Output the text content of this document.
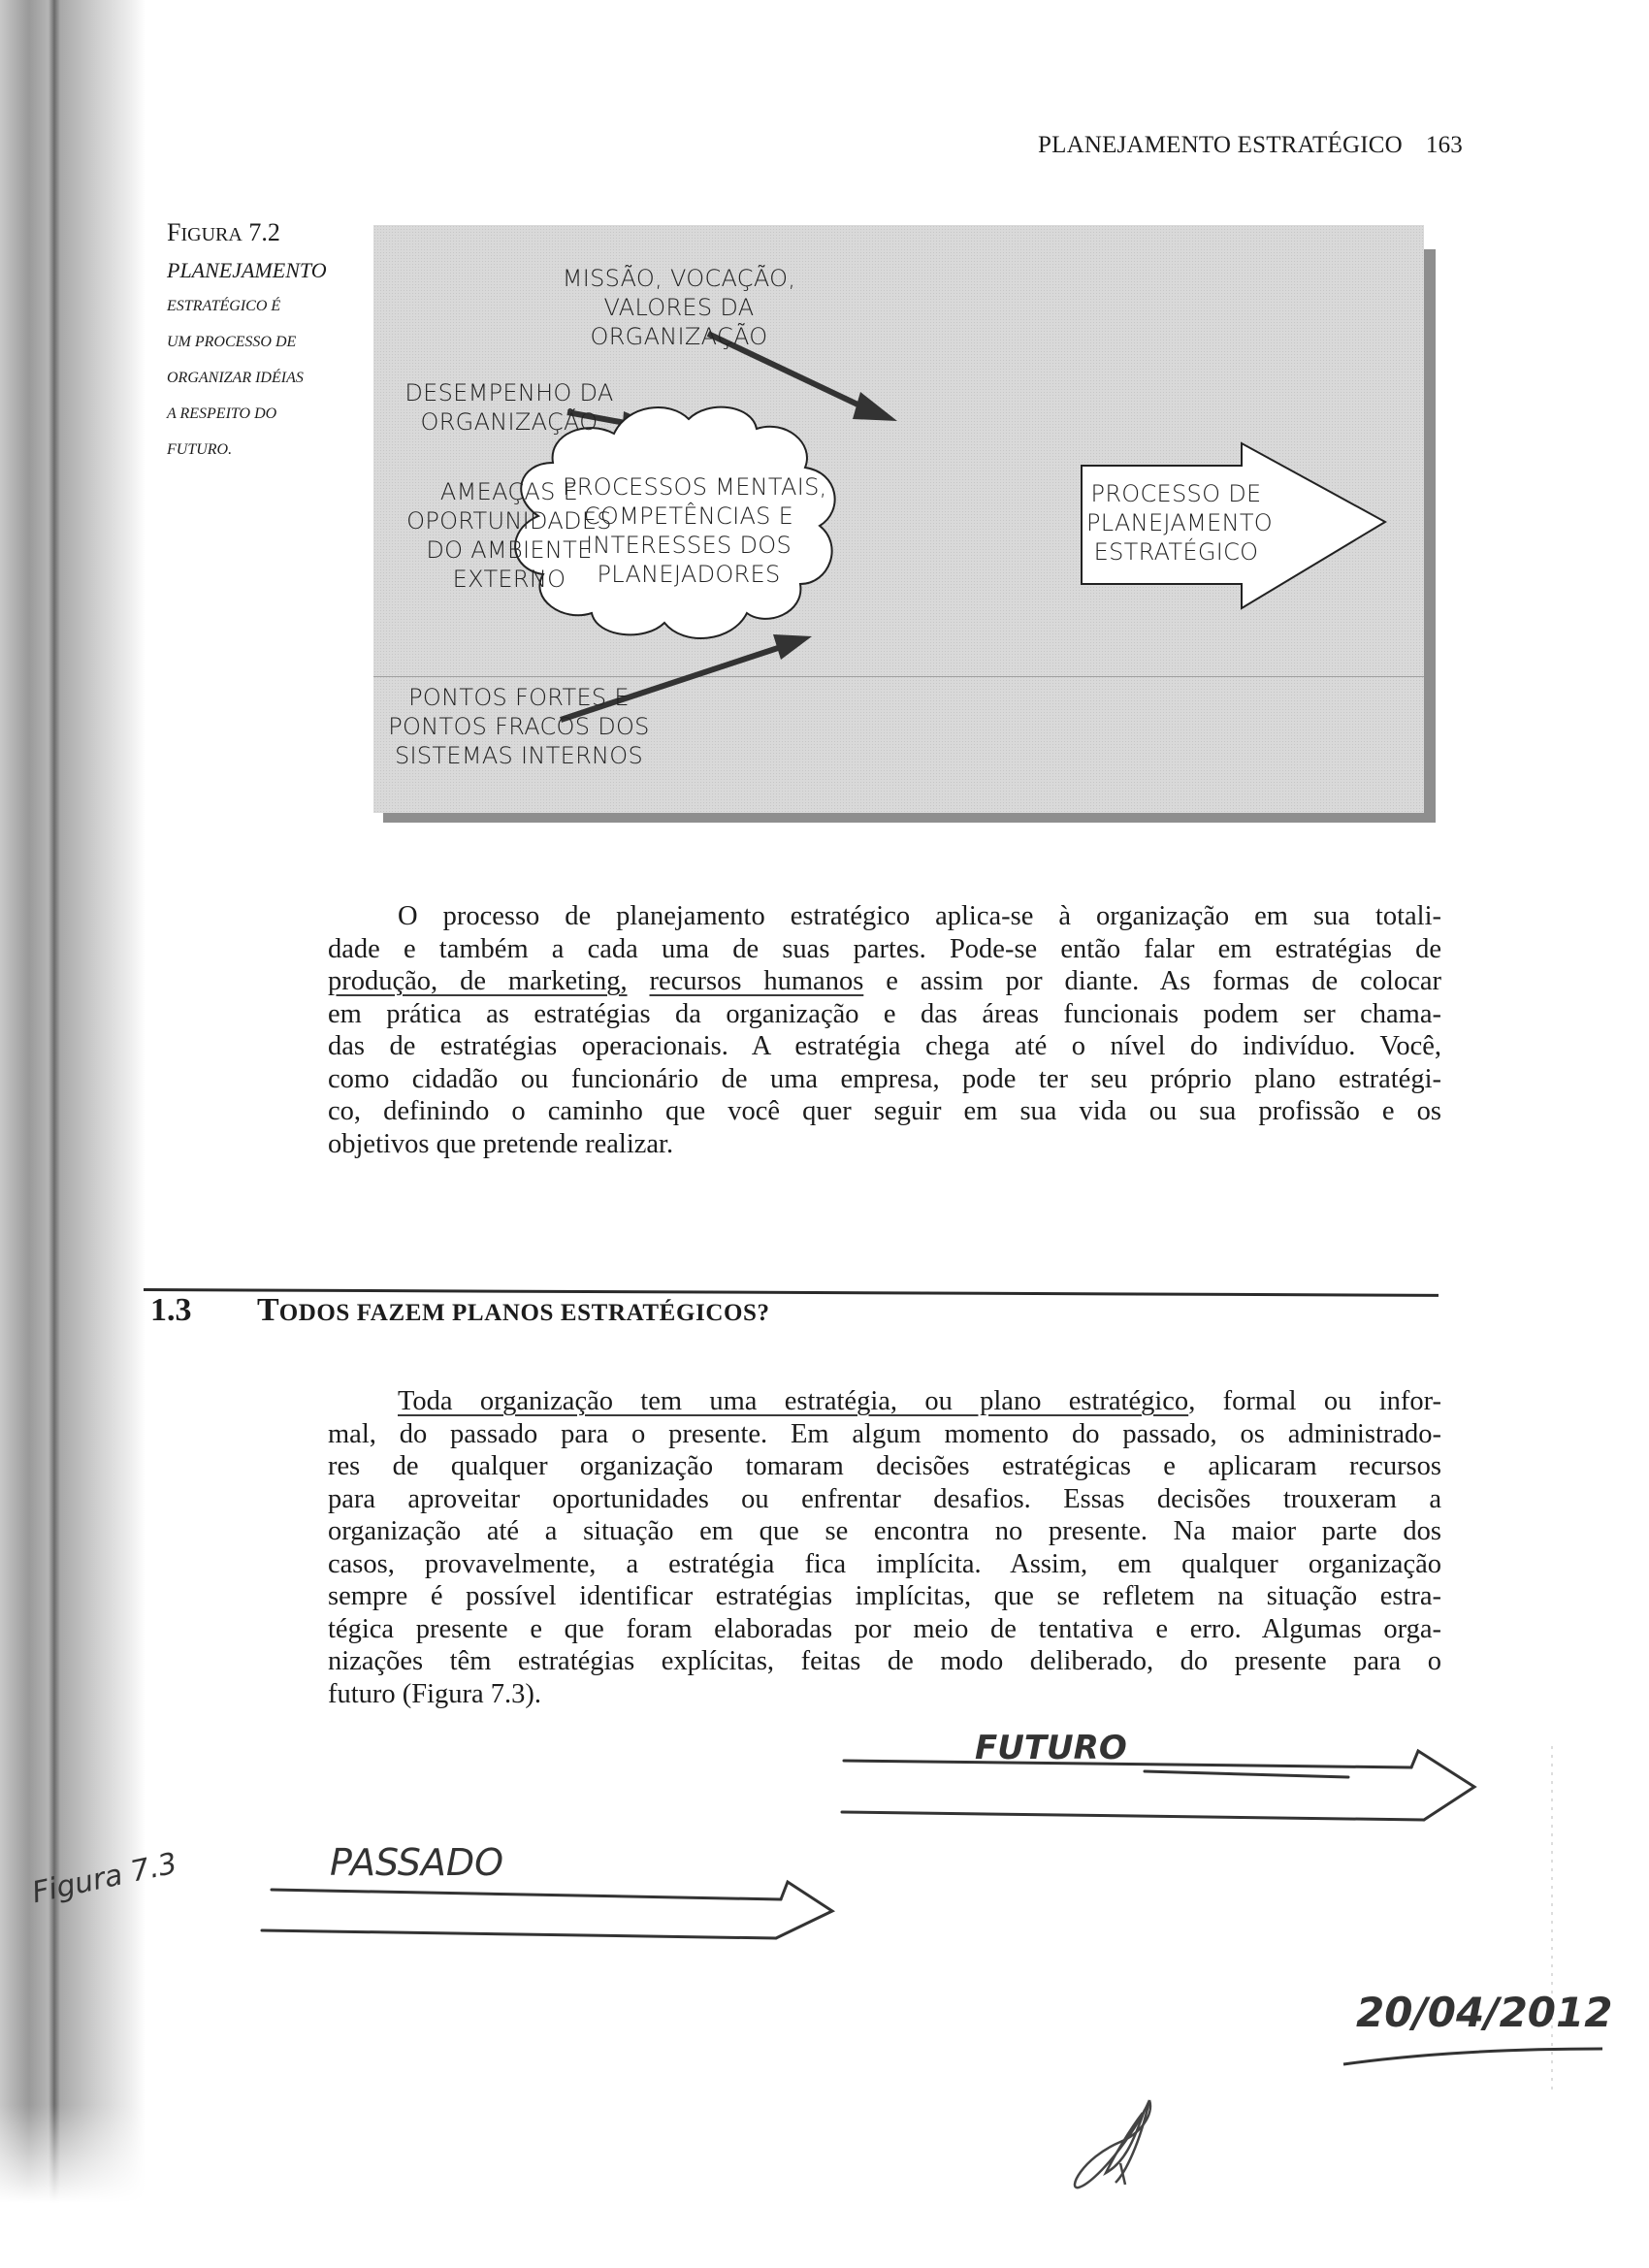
PLANEJAMENTO ESTRATÉGICO 163
FIGURA 7.2
PLANEJAMENTO
ESTRATÉGICO É
UM PROCESSO DE
ORGANIZAR IDÉIAS
A RESPEITO DO
FUTURO.
MISSÃO, VOCAÇÃO,
VALORES DA
ORGANIZAÇÃO
DESEMPENHO DA
ORGANIZAÇÃO
AMEAÇAS E
OPORTUNIDADES
DO AMBIENTE
EXTERNO
PONTOS FORTES E
PONTOS FRACOS DOS
SISTEMAS INTERNOS
PROCESSOS MENTAIS,
COMPETÊNCIAS E
INTERESSES DOS
PLANEJADORES
PROCESSO DE
PLANEJAMENTO
ESTRATÉGICO
O processo de planejamento estratégico aplica-se à organização em sua totali-
dade e também a cada uma de suas partes. Pode-se então falar em estratégias de
produção, de marketing, recursos humanos e assim por diante. As formas de colocar
em prática as estratégias da organização e das áreas funcionais podem ser chama-
das de estratégias operacionais. A estratégia chega até o nível do indivíduo. Você,
como cidadão ou funcionário de uma empresa, pode ter seu próprio plano estratégi-
co, definindo o caminho que você quer seguir em sua vida ou sua profissão e os
objetivos que pretende realizar.
1.3 TODOS FAZEM PLANOS ESTRATÉGICOS?
Toda organização tem uma estratégia, ou plano estratégico, formal ou infor-
mal, do passado para o presente. Em algum momento do passado, os administrado-
res de qualquer organização tomaram decisões estratégicas e aplicaram recursos
para aproveitar oportunidades ou enfrentar desafios. Essas decisões trouxeram a
organização até a situação em que se encontra no presente. Na maior parte dos
casos, provavelmente, a estratégia fica implícita. Assim, em qualquer organização
sempre é possível identificar estratégias implícitas, que se refletem na situação estra-
tégica presente e que foram elaboradas por meio de tentativa e erro. Algumas orga-
nizações têm estratégias explícitas, feitas de modo deliberado, do presente para o
futuro (Figura 7.3).
FUTURO
PASSADO
Figura 7.3
20/04/2012
